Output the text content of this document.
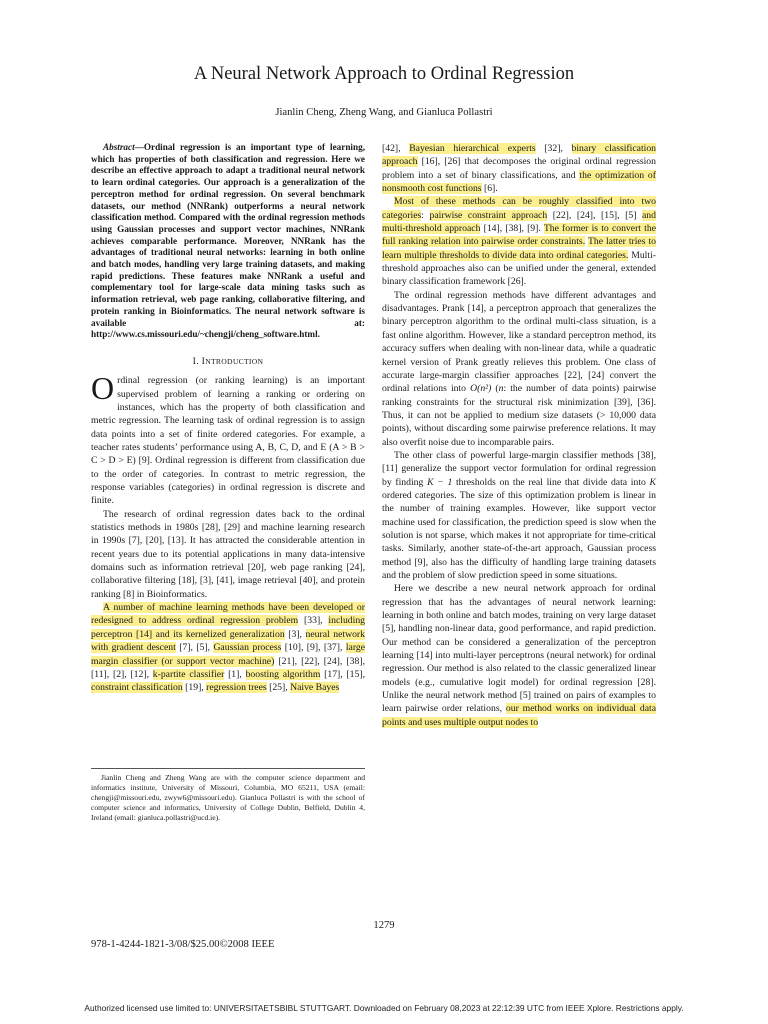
A Neural Network Approach to Ordinal Regression
Jianlin Cheng, Zheng Wang, and Gianluca Pollastri

Abstract—Ordinal regression is an important type of learning, which has properties of both classification and regression. Here we describe an effective approach to adapt a traditional neural network to learn ordinal categories. Our approach is a generalization of the perceptron method for ordinal regression. On several benchmark datasets, our method (NNRank) outperforms a neural network classification method. Compared with the ordinal regression methods using Gaussian processes and support vector machines, NNRank achieves comparable performance. Moreover, NNRank has the advantages of traditional neural networks: learning in both online and batch modes, handling very large training datasets, and making rapid predictions. These features make NNRank a useful and complementary tool for large-scale data mining tasks such as information retrieval, web page ranking, collaborative filtering, and protein ranking in Bioinformatics. The neural network software is available at: http://www.cs.missouri.edu/~chengji/cheng_software.html.

I. INTRODUCTION

Ordinal regression (or ranking learning) is an important supervised problem of learning a ranking or ordering on instances, which has the property of both classification and metric regression. The learning task of ordinal regression is to assign data points into a set of finite ordered categories. For example, a teacher rates students’ performance using A, B, C, D, and E (A > B > C > D > E) [9]. Ordinal regression is different from classification due to the order of categories. In contrast to metric regression, the response variables (categories) in ordinal regression is discrete and finite.

The research of ordinal regression dates back to the ordinal statistics methods in 1980s [28], [29] and machine learning research in 1990s [7], [20], [13]. It has attracted the considerable attention in recent years due to its potential applications in many data-intensive domains such as information retrieval [20], web page ranking [24], collaborative filtering [18], [3], [41], image retrieval [40], and protein ranking [8] in Bioinformatics.

A number of machine learning methods have been developed or redesigned to address ordinal regression problem [33], including perceptron [14] and its kernelized generalization [3], neural network with gradient descent [7], [5], Gaussian process [10], [9], [37], large margin classifier (or support vector machine) [21], [22], [24], [38], [11], [2], [12], k-partite classifier [1], boosting algorithm [17], [15], constraint classification [19], regression trees [25], Naive Bayes

Jianlin Cheng and Zheng Wang are with the computer science department and informatics institute, University of Missouri, Columbia, MO 65211, USA (email: chengji@missouri.edu, zwyw6@missouri.edu). Gianluca Pollastri is with the school of computer science and informatics, University of College Dublin, Belfield, Dublin 4, Ireland (email: gianluca.pollastri@ucd.ie).

[42], Bayesian hierarchical experts [32], binary classification approach [16], [26] that decomposes the original ordinal regression problem into a set of binary classifications, and the optimization of nonsmooth cost functions [6].

Most of these methods can be roughly classified into two categories: pairwise constraint approach [22], [24], [15], [5] and multi-threshold approach [14], [38], [9]. The former is to convert the full ranking relation into pairwise order constraints. The latter tries to learn multiple thresholds to divide data into ordinal categories. Multi-threshold approaches also can be unified under the general, extended binary classification framework [26].

The ordinal regression methods have different advantages and disadvantages. Prank [14], a perceptron approach that generalizes the binary perceptron algorithm to the ordinal multi-class situation, is a fast online algorithm. However, like a standard perceptron method, its accuracy suffers when dealing with non-linear data, while a quadratic kernel version of Prank greatly relieves this problem. One class of accurate large-margin classifier approaches [22], [24] convert the ordinal relations into O(n²) (n: the number of data points) pairwise ranking constraints for the structural risk minimization [39], [36]. Thus, it can not be applied to medium size datasets (> 10,000 data points), without discarding some pairwise preference relations. It may also overfit noise due to incomparable pairs.

The other class of powerful large-margin classifier methods [38], [11] generalize the support vector formulation for ordinal regression by finding K − 1 thresholds on the real line that divide data into K ordered categories. The size of this optimization problem is linear in the number of training examples. However, like support vector machine used for classification, the prediction speed is slow when the solution is not sparse, which makes it not appropriate for time-critical tasks. Similarly, another state-of-the-art approach, Gaussian process method [9], also has the difficulty of handling large training datasets and the problem of slow prediction speed in some situations.

Here we describe a new neural network approach for ordinal regression that has the advantages of neural network learning: learning in both online and batch modes, training on very large dataset [5], handling non-linear data, good performance, and rapid prediction. Our method can be considered a generalization of the perceptron learning [14] into multi-layer perceptrons (neural network) for ordinal regression. Our method is also related to the classic generalized linear models (e.g., cumulative logit model) for ordinal regression [28]. Unlike the neural network method [5] trained on pairs of examples to learn pairwise order relations, our method works on individual data points and uses multiple output nodes to

1279
978-1-4244-1821-3/08/$25.00©2008 IEEE
Authorized licensed use limited to: UNIVERSITAETSBIBL STUTTGART. Downloaded on February 08,2023 at 22:12:39 UTC from IEEE Xplore. Restrictions apply.
